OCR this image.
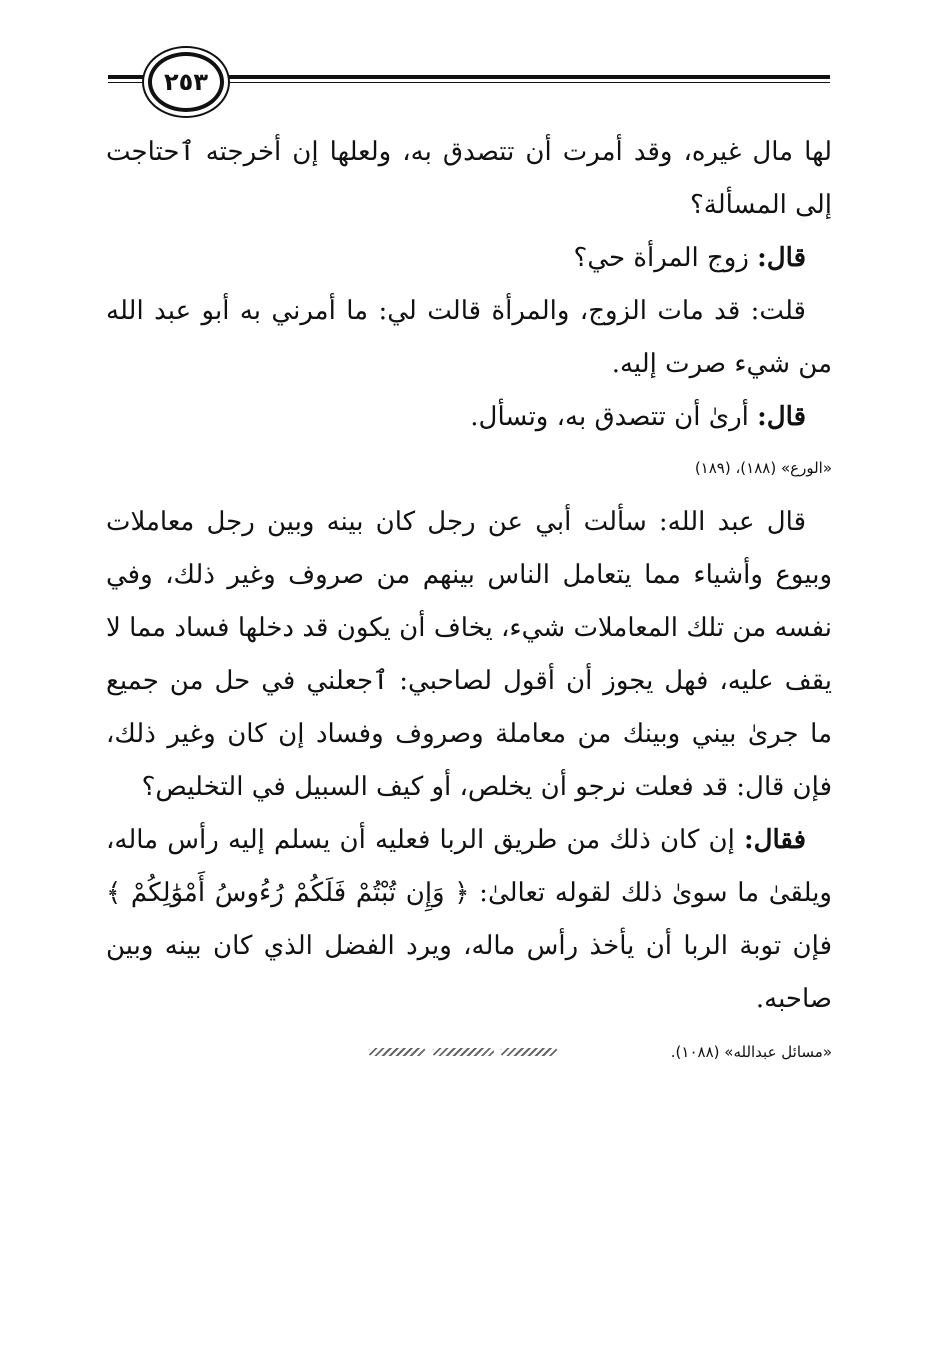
٢٥٣

لها مال غيره، وقد أمرت أن تتصدق به، ولعلها إن أخرجته ٱحتاجت إلى المسألة؟

قال: زوج المرأة حي؟

قلت: قد مات الزوج، والمرأة قالت لي: ما أمرني به أبو عبد الله من شيء صرت إليه.

قال: أرىٰ أن تتصدق به، وتسأل.

«الورع» (١٨٨)، (١٨٩)

قال عبد الله: سألت أبي عن رجل كان بينه وبين رجل معاملات وبيوع وأشياء مما يتعامل الناس بينهم من صروف وغير ذلك، وفي نفسه من تلك المعاملات شيء، يخاف أن يكون قد دخلها فساد مما لا يقف عليه، فهل يجوز أن أقول لصاحبي: ٱجعلني في حل من جميع ما جرىٰ بيني وبينك من معاملة وصروف وفساد إن كان وغير ذلك، فإن قال: قد فعلت نرجو أن يخلص، أو كيف السبيل في التخليص؟

فقال: إن كان ذلك من طريق الربا فعليه أن يسلم إليه رأس ماله، ويلقىٰ ما سوىٰ ذلك لقوله تعالىٰ: ﴿ وَإِن تُبْتُمْ فَلَكُمْ رُءُوسُ أَمْوَٰلِكُمْ ﴾ فإن توبة الربا أن يأخذ رأس ماله، ويرد الفضل الذي كان بينه وبين صاحبه.

«مسائل عبدالله» (١٠٨٨).
